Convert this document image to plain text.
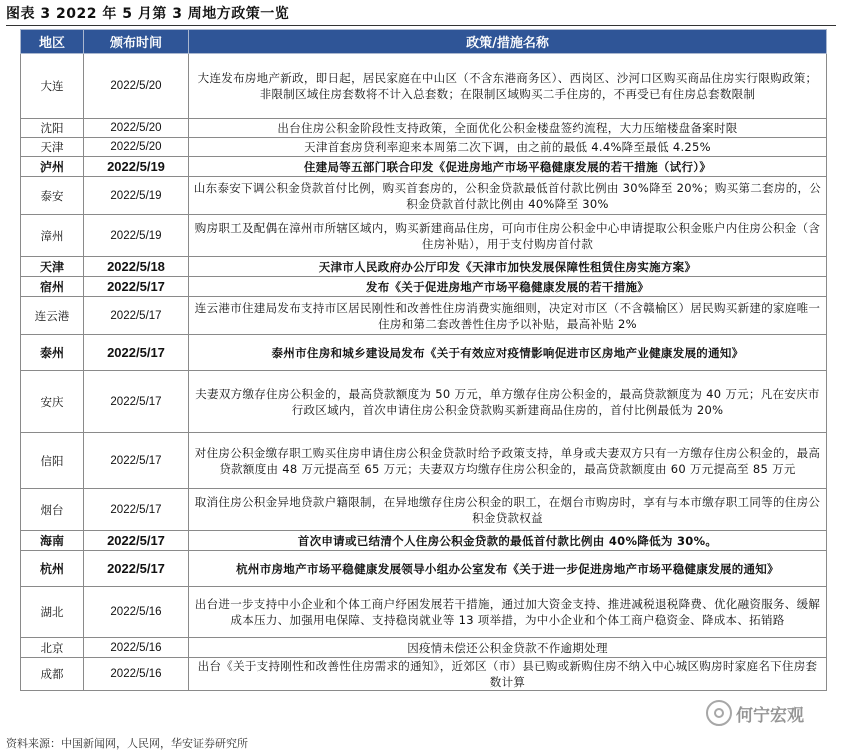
图表 3 2022 年 5 月第 3 周地方政策一览
地区	颁布时间	政策/措施名称
大连	2022/5/20	大连发布房地产新政，即日起，居民家庭在中山区（不含东港商务区）、西岗区、沙河口区购买商品住房实行限购政策；非限制区域住房套数将不计入总套数；在限制区域购买二手住房的，不再受已有住房总套数限制
沈阳	2022/5/20	出台住房公积金阶段性支持政策，全面优化公积金楼盘签约流程，大力压缩楼盘备案时限
天津	2022/5/20	天津首套房贷利率迎来本周第二次下调，由之前的最低 4.4%降至最低 4.25%
泸州	2022/5/19	住建局等五部门联合印发《促进房地产市场平稳健康发展的若干措施（试行）》
泰安	2022/5/19	山东泰安下调公积金贷款首付比例，购买首套房的，公积金贷款最低首付款比例由 30%降至 20%；购买第二套房的，公积金贷款首付款比例由 40%降至 30%
漳州	2022/5/19	购房职工及配偶在漳州市所辖区域内，购买新建商品住房，可向市住房公积金中心申请提取公积金账户内住房公积金（含住房补贴），用于支付购房首付款
天津	2022/5/18	天津市人民政府办公厅印发《天津市加快发展保障性租赁住房实施方案》
宿州	2022/5/17	发布《关于促进房地产市场平稳健康发展的若干措施》
连云港	2022/5/17	连云港市住建局发布支持市区居民刚性和改善性住房消费实施细则，决定对市区（不含赣榆区）居民购买新建的家庭唯一住房和第二套改善性住房予以补贴，最高补贴 2%
泰州	2022/5/17	泰州市住房和城乡建设局发布《关于有效应对疫情影响促进市区房地产业健康发展的通知》
安庆	2022/5/17	夫妻双方缴存住房公积金的，最高贷款额度为 50 万元，单方缴存住房公积金的，最高贷款额度为 40 万元；凡在安庆市行政区域内，首次申请住房公积金贷款购买新建商品住房的，首付比例最低为 20%
信阳	2022/5/17	对住房公积金缴存职工购买住房申请住房公积金贷款时给予政策支持，单身或夫妻双方只有一方缴存住房公积金的，最高贷款额度由 48 万元提高至 65 万元；夫妻双方均缴存住房公积金的，最高贷款额度由 60 万元提高至 85 万元
烟台	2022/5/17	取消住房公积金异地贷款户籍限制，在异地缴存住房公积金的职工，在烟台市购房时，享有与本市缴存职工同等的住房公积金贷款权益
海南	2022/5/17	首次申请或已结清个人住房公积金贷款的最低首付款比例由 40%降低为 30%。
杭州	2022/5/17	杭州市房地产市场平稳健康发展领导小组办公室发布《关于进一步促进房地产市场平稳健康发展的通知》
湖北	2022/5/16	出台进一步支持中小企业和个体工商户纾困发展若干措施，通过加大资金支持、推进减税退税降费、优化融资服务、缓解成本压力、加强用电保障、支持稳岗就业等 13 项举措，为中小企业和个体工商户稳资金、降成本、拓销路
北京	2022/5/16	因疫情未偿还公积金贷款不作逾期处理
成都	2022/5/16	出台《关于支持刚性和改善性住房需求的通知》，近郊区（市）县已购或新购住房不纳入中心城区购房时家庭名下住房套数计算
资料来源：中国新闻网，人民网，华安证券研究所
何宁宏观
